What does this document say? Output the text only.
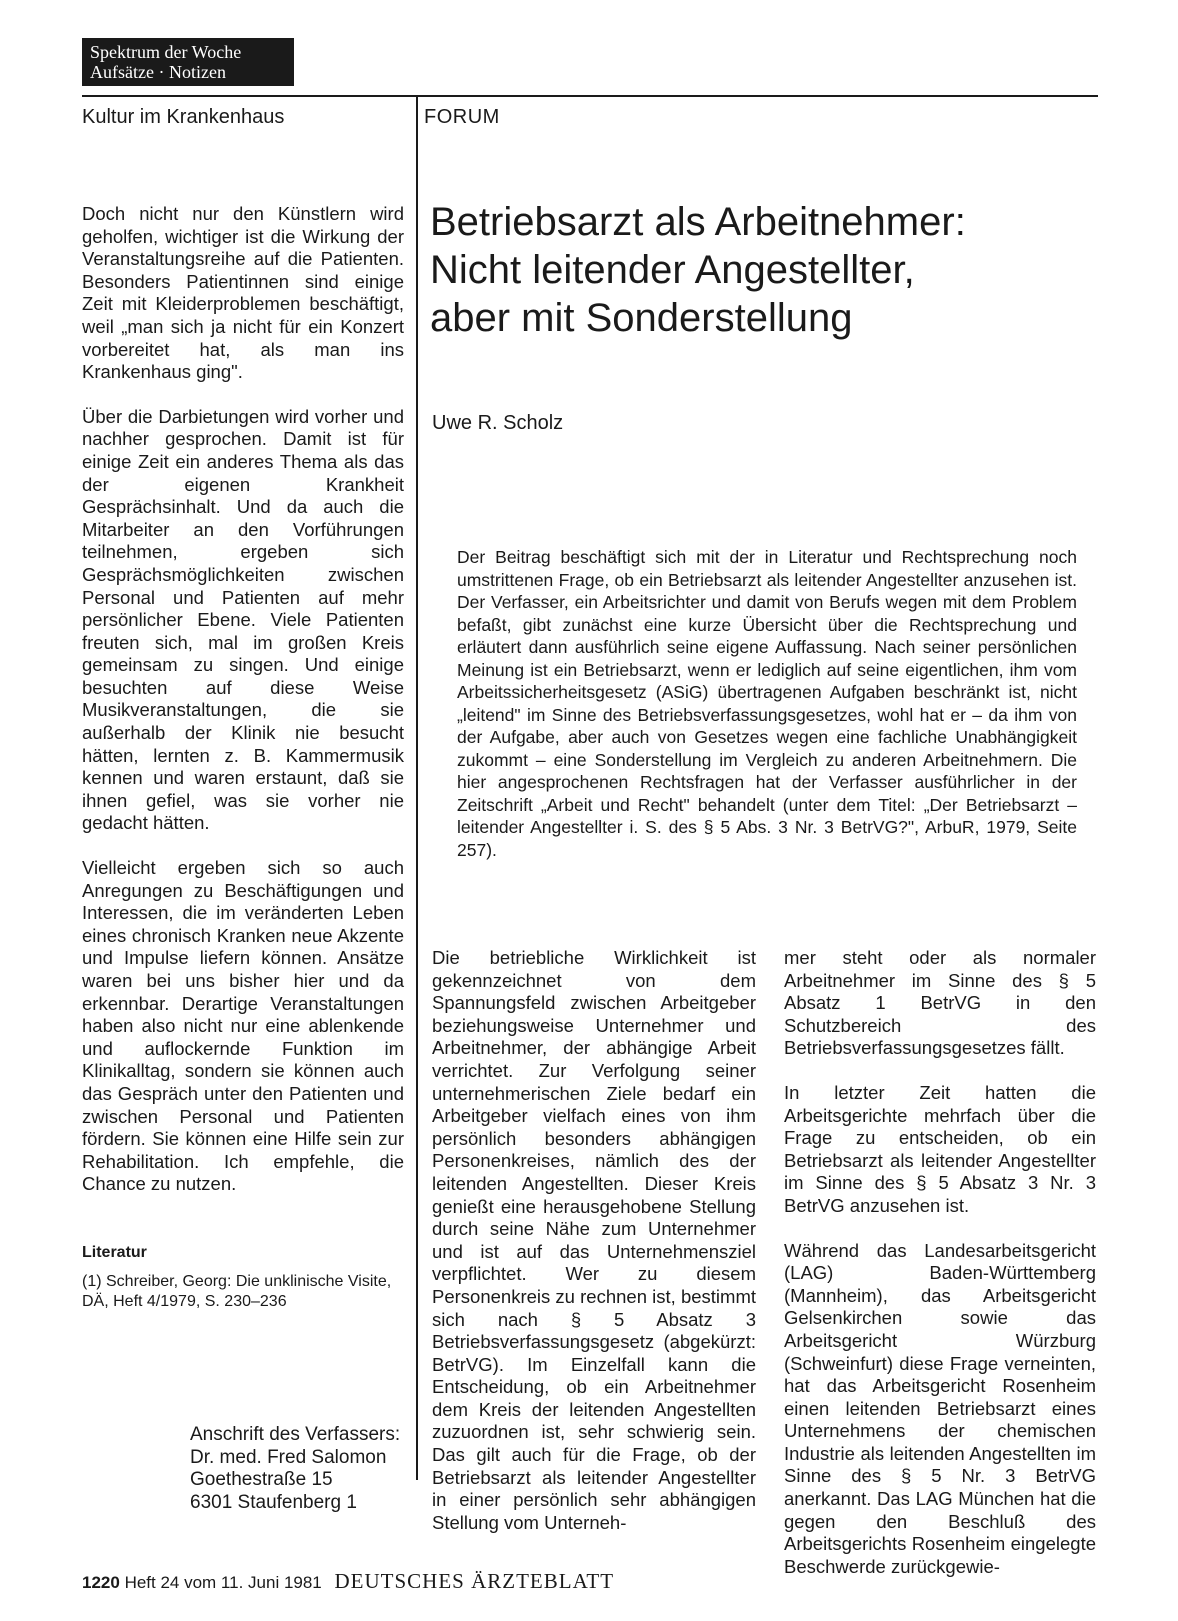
Spektrum der Woche
Aufsätze · Notizen
Kultur im Krankenhaus	FORUM
Betriebsarzt als Arbeitnehmer:
Nicht leitender Angestellter,
aber mit Sonderstellung
Uwe R. Scholz
Der Beitrag beschäftigt sich mit der in Literatur und Rechtsprechung noch umstrittenen Frage, ob ein Betriebsarzt als leitender Angestellter anzusehen ist. Der Verfasser, ein Arbeitsrichter und damit von Berufs wegen mit dem Problem befaßt, gibt zunächst eine kurze Übersicht über die Rechtsprechung und erläutert dann ausführlich seine eigene Auffassung. Nach seiner persönlichen Meinung ist ein Betriebsarzt, wenn er lediglich auf seine eigentlichen, ihm vom Arbeitssicherheitsgesetz (ASiG) übertragenen Aufgaben beschränkt ist, nicht „leitend" im Sinne des Betriebsverfassungsgesetzes, wohl hat er – da ihm von der Aufgabe, aber auch von Gesetzes wegen eine fachliche Unabhängigkeit zukommt – eine Sonderstellung im Vergleich zu anderen Arbeitnehmern. Die hier angesprochenen Rechtsfragen hat der Verfasser ausführlicher in der Zeitschrift „Arbeit und Recht" behandelt (unter dem Titel: „Der Betriebsarzt – leitender Angestellter i. S. des § 5 Abs. 3 Nr. 3 BetrVG?", ArbuR, 1979, Seite 257).

Doch nicht nur den Künstlern wird geholfen, wichtiger ist die Wirkung der Veranstaltungsreihe auf die Patienten. Besonders Patientinnen sind einige Zeit mit Kleiderproblemen beschäftigt, weil „man sich ja nicht für ein Konzert vorbereitet hat, als man ins Krankenhaus ging".

Über die Darbietungen wird vorher und nachher gesprochen. Damit ist für einige Zeit ein anderes Thema als das der eigenen Krankheit Gesprächsinhalt. Und da auch die Mitarbeiter an den Vorführungen teilnehmen, ergeben sich Gesprächsmöglichkeiten zwischen Personal und Patienten auf mehr persönlicher Ebene. Viele Patienten freuten sich, mal im großen Kreis gemeinsam zu singen. Und einige besuchten auf diese Weise Musikveranstaltungen, die sie außerhalb der Klinik nie besucht hätten, lernten z. B. Kammermusik kennen und waren erstaunt, daß sie ihnen gefiel, was sie vorher nie gedacht hätten.

Vielleicht ergeben sich so auch Anregungen zu Beschäftigungen und Interessen, die im veränderten Leben eines chronisch Kranken neue Akzente und Impulse liefern können. Ansätze waren bei uns bisher hier und da erkennbar. Derartige Veranstaltungen haben also nicht nur eine ablenkende und auflockernde Funktion im Klinikalltag, sondern sie können auch das Gespräch unter den Patienten und zwischen Personal und Patienten fördern. Sie können eine Hilfe sein zur Rehabilitation. Ich empfehle, die Chance zu nutzen.

Literatur
(1) Schreiber, Georg: Die unklinische Visite, DÄ, Heft 4/1979, S. 230–236
Anschrift des Verfassers:
Dr. med. Fred Salomon
Goethestraße 15
6301 Staufenberg 1

Die betriebliche Wirklichkeit ist gekennzeichnet von dem Spannungsfeld zwischen Arbeitgeber beziehungsweise Unternehmer und Arbeitnehmer, der abhängige Arbeit verrichtet. Zur Verfolgung seiner unternehmerischen Ziele bedarf ein Arbeitgeber vielfach eines von ihm persönlich besonders abhängigen Personenkreises, nämlich des der leitenden Angestellten. Dieser Kreis genießt eine herausgehobene Stellung durch seine Nähe zum Unternehmer und ist auf das Unternehmensziel verpflichtet. Wer zu diesem Personenkreis zu rechnen ist, bestimmt sich nach § 5 Absatz 3 Betriebsverfassungsgesetz (abgekürzt: BetrVG). Im Einzelfall kann die Entscheidung, ob ein Arbeitnehmer dem Kreis der leitenden Angestellten zuzuordnen ist, sehr schwierig sein. Das gilt auch für die Frage, ob der Betriebsarzt als leitender Angestellter in einer persönlich sehr abhängigen Stellung vom Unterneh-

mer steht oder als normaler Arbeitnehmer im Sinne des § 5 Absatz 1 BetrVG in den Schutzbereich des Betriebsverfassungsgesetzes fällt.

In letzter Zeit hatten die Arbeitsgerichte mehrfach über die Frage zu entscheiden, ob ein Betriebsarzt als leitender Angestellter im Sinne des § 5 Absatz 3 Nr. 3 BetrVG anzusehen ist.

Während das Landesarbeitsgericht (LAG) Baden-Württemberg (Mannheim), das Arbeitsgericht Gelsenkirchen sowie das Arbeitsgericht Würzburg (Schweinfurt) diese Frage verneinten, hat das Arbeitsgericht Rosenheim einen leitenden Betriebsarzt eines Unternehmens der chemischen Industrie als leitenden Angestellten im Sinne des § 5 Nr. 3 BetrVG anerkannt. Das LAG München hat die gegen den Beschluß des Arbeitsgerichts Rosenheim eingelegte Beschwerde zurückgewie-

1220 Heft 24 vom 11. Juni 1981 DEUTSCHES ÄRZTEBLATT
